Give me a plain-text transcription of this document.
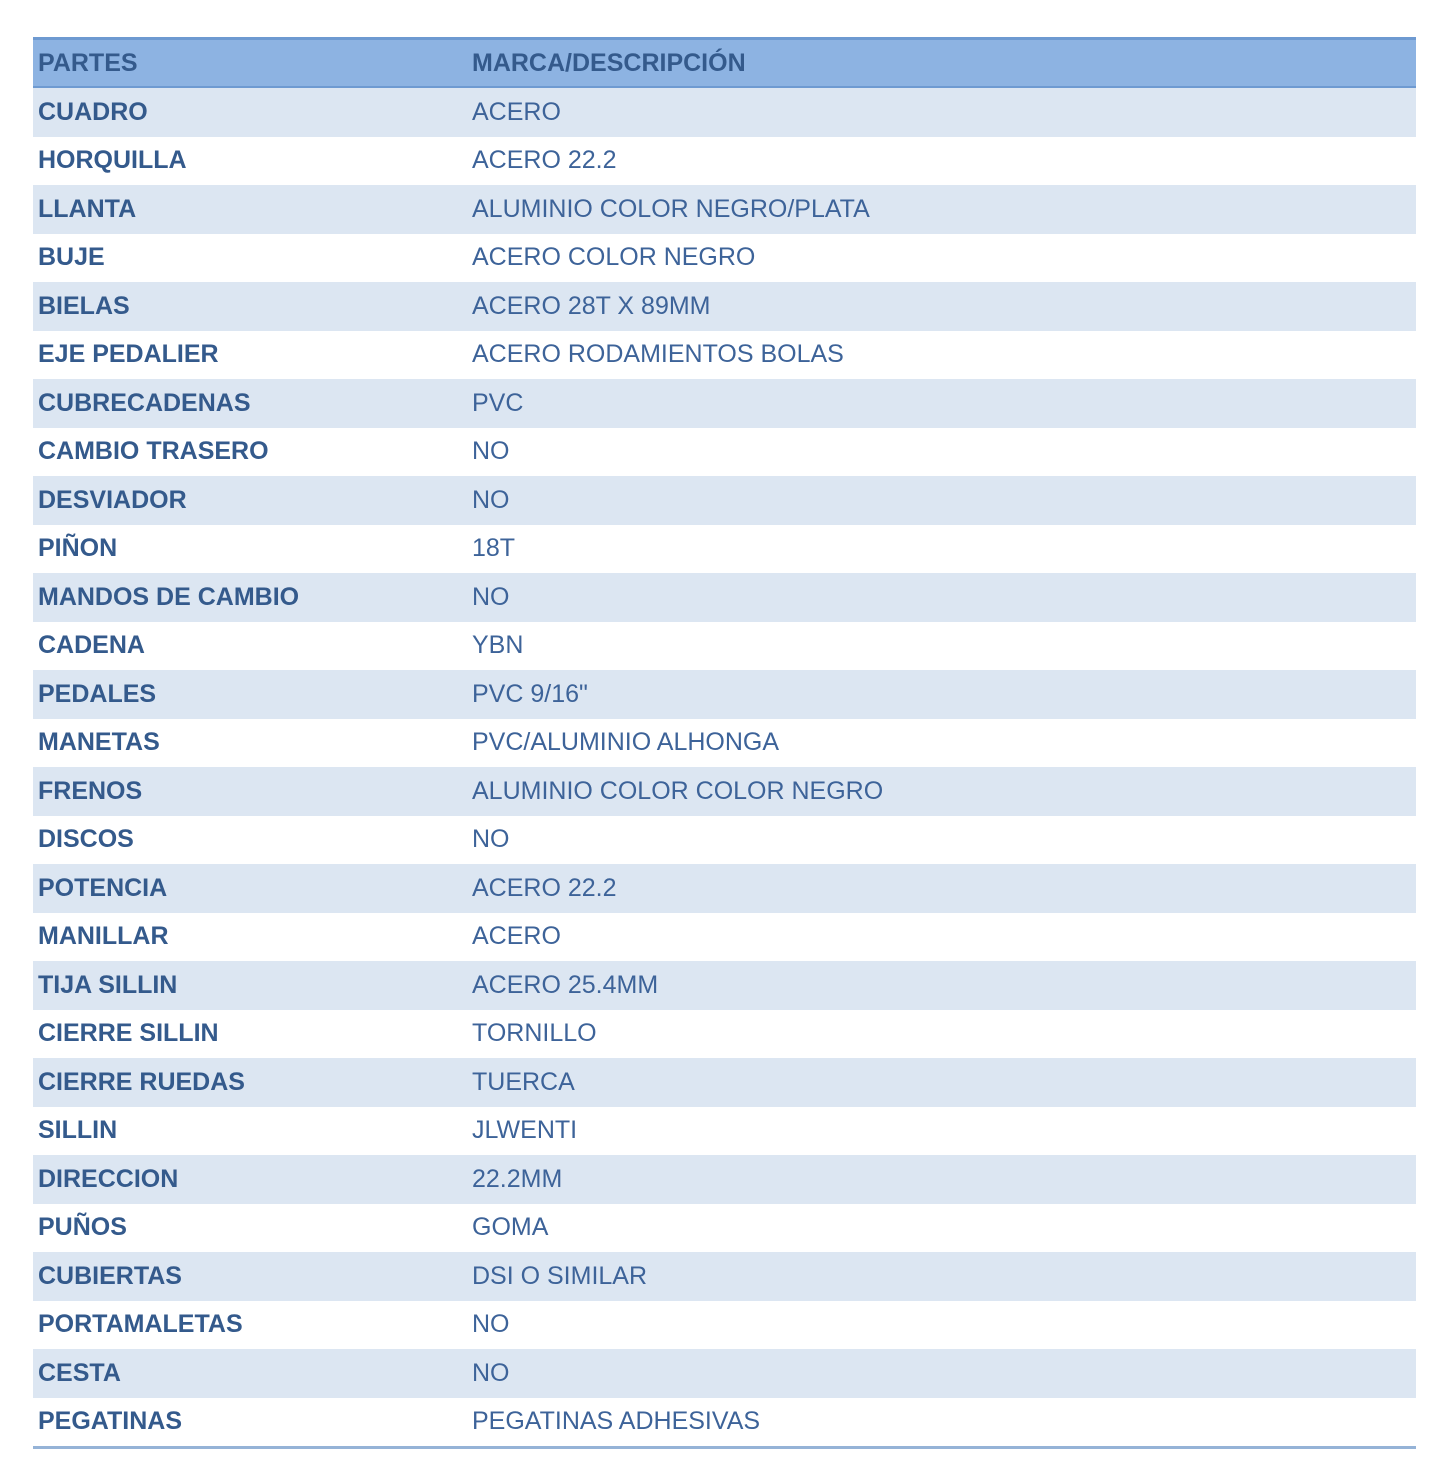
PARTES	MARCA/DESCRIPCIÓN
CUADRO	ACERO
HORQUILLA	ACERO 22.2
LLANTA	ALUMINIO COLOR NEGRO/PLATA
BUJE	ACERO COLOR NEGRO
BIELAS	ACERO 28T X 89MM
EJE PEDALIER	ACERO RODAMIENTOS BOLAS
CUBRECADENAS	PVC
CAMBIO TRASERO	NO
DESVIADOR	NO
PIÑON	18T
MANDOS DE CAMBIO	NO
CADENA	YBN
PEDALES	PVC 9/16"
MANETAS	PVC/ALUMINIO ALHONGA
FRENOS	ALUMINIO COLOR COLOR NEGRO
DISCOS	NO
POTENCIA	ACERO 22.2
MANILLAR	ACERO
TIJA SILLIN	ACERO 25.4MM
CIERRE SILLIN	TORNILLO
CIERRE RUEDAS	TUERCA
SILLIN	JLWENTI
DIRECCION	22.2MM
PUÑOS	GOMA
CUBIERTAS	DSI O SIMILAR
PORTAMALETAS	NO
CESTA	NO
PEGATINAS	PEGATINAS ADHESIVAS
